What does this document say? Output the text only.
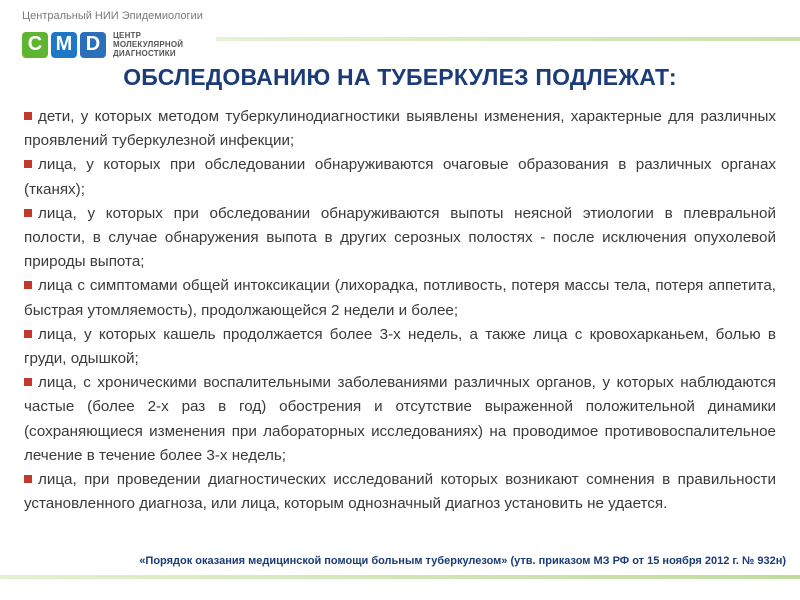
Центральный НИИ Эпидемиологии
C M D	ЦЕНТР
МОЛЕКУЛЯРНОЙ
ДИАГНОСТИКИ
ОБСЛЕДОВАНИЮ НА ТУБЕРКУЛЕЗ ПОДЛЕЖАТ:

дети, у которых методом туберкулинодиагностики выявлены изменения, характерные для различных проявлений туберкулезной инфекции;

лица, у которых при обследовании обнаруживаются очаговые образования в различных органах (тканях);

лица, у которых при обследовании обнаруживаются выпоты неясной этиологии в плевральной полости, в случае обнаружения выпота в других серозных полостях - после исключения опухолевой природы выпота;

лица с симптомами общей интоксикации (лихорадка, потливость, потеря массы тела, потеря аппетита, быстрая утомляемость), продолжающейся 2 недели и более;

лица, у которых кашель продолжается более 3-х недель, а также лица с кровохарканьем, болью в груди, одышкой;

лица, с хроническими воспалительными заболеваниями различных органов, у которых наблюдаются частые (более 2-х раз в год) обострения и отсутствие выраженной положительной динамики (сохраняющиеся изменения при лабораторных исследованиях) на проводимое противовоспалительное лечение в течение более 3-х недель;

лица, при проведении диагностических исследований которых возникают сомнения в правильности установленного диагноза, или лица, которым однозначный диагноз установить не удается.

«Порядок оказания медицинской помощи больным туберкулезом» (утв. приказом МЗ РФ от 15 ноября 2012 г. № 932н)
